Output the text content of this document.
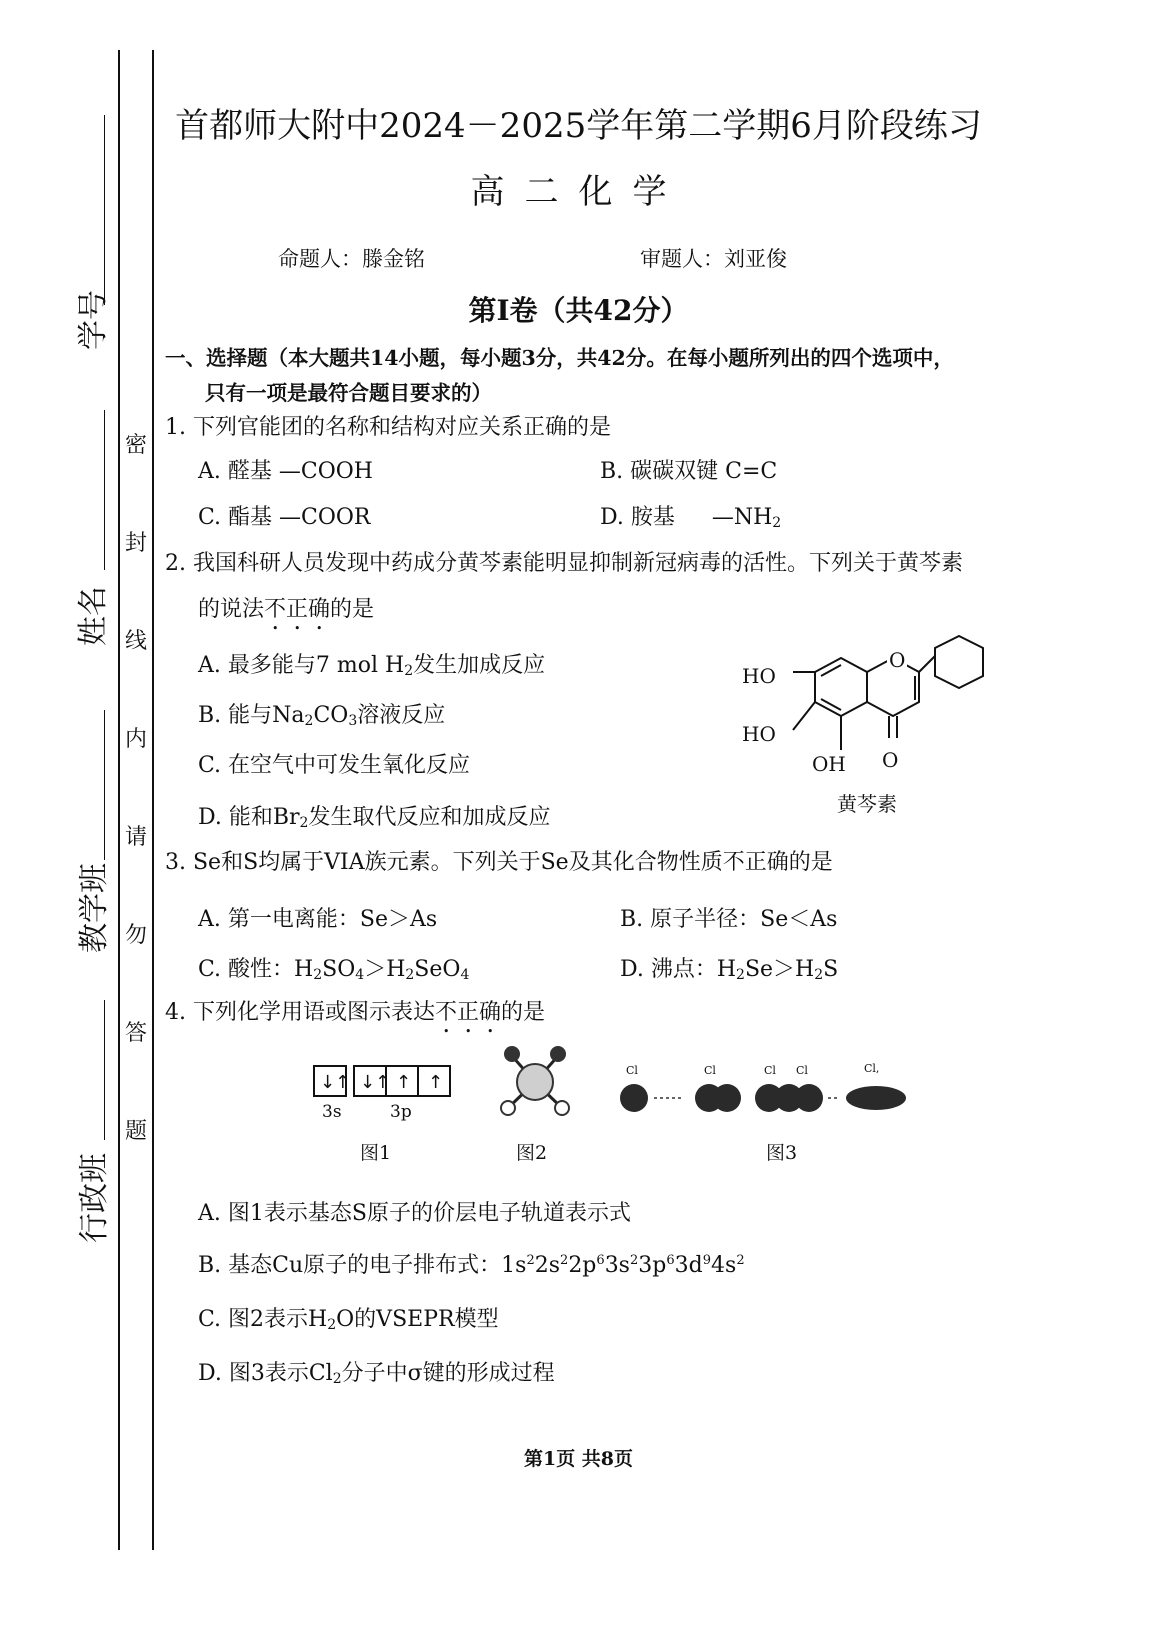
学号
姓名
教学班
行政班
密
封
线
内
请
勿
答
题
首都师大附中2024－2025学年第二学期6月阶段练习
高二化学
命题人：滕金铭	审题人：刘亚俊
第Ⅰ卷（共42分）
一、选择题（本大题共14小题，每小题3分，共42分。在每小题所列出的四个选项中，
只有一项是最符合题目要求的）
1. 下列官能团的名称和结构对应关系正确的是
A. 醛基 —COOH	B. 碳碳双键 C=C
C. 酯基 —COOR	D. 胺基 $—NH_2$
2. 我国科研人员发现中药成分黄芩素能明显抑制新冠病毒的活性。下列关于黄芩素
的说法不正确的是
A. 最多能与7 mol $H_2$发生加成反应
B. 能与$Na_2CO_3$溶液反应
C. 在空气中可发生氧化反应
D. 能和$Br_2$发生取代反应和加成反应
HO
HO
OH O
O
黄芩素
3. Se和S均属于VIA族元素。下列关于Se及其化合物性质不正确的是
A. 第一电离能：Se＞As	B. 原子半径：Se＜As
C. 酸性：$H_2SO_4>H_2SeO_4$	D. 沸点：$H_2Se>H_2S$
4. 下列化学用语或图示表达不正确的是
↓↑ ↓↑ ↑ ↑
3s	3p
图1	图2
Cl	Cl	Cl Cl	Cl,
图3
A. 图1表示基态S原子的价层电子轨道表示式
B. 基态Cu原子的电子排布式：$1s^22s^22p^63s^23p^63d^94s^2$
C. 图2表示$H_2O$的VSEPR模型
D. 图3表示$Cl_2$分子中σ键的形成过程
第1页 共8页
